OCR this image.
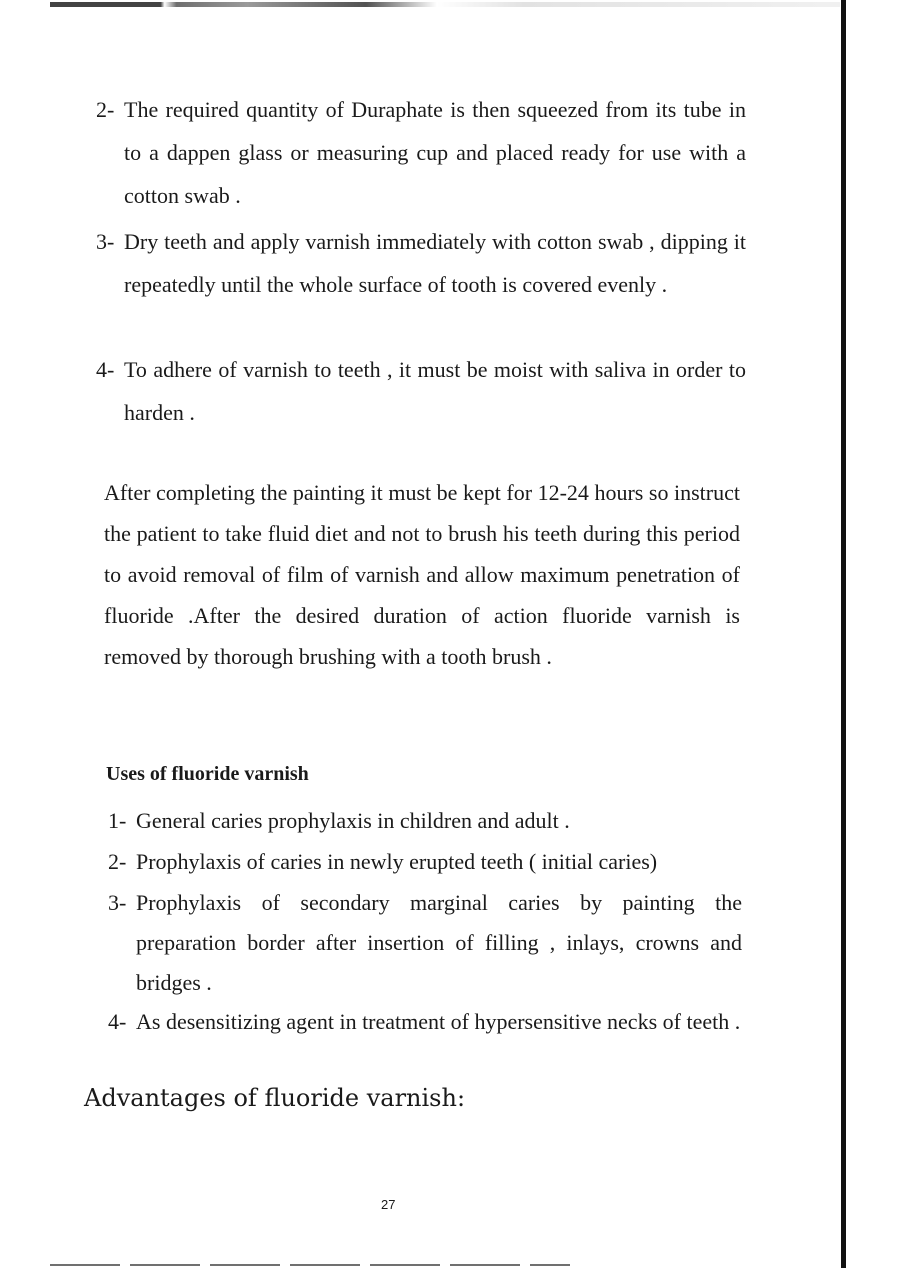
2- The required quantity of Duraphate is then squeezed from its tube in to a dappen glass or measuring cup and placed ready for use with a cotton swab .
3- Dry teeth and apply varnish immediately with cotton swab , dipping it repeatedly until the whole surface of tooth is covered evenly .
4- To adhere of varnish to teeth , it must be moist with saliva in order to harden .
After completing the painting it must be kept for 12-24 hours so instruct the patient to take fluid diet and not to brush his teeth during this period to avoid removal of film of varnish and allow maximum penetration of fluoride .After the desired duration of action fluoride varnish is removed by thorough brushing with a tooth brush .
Uses of fluoride varnish
1- General caries prophylaxis in children and adult .
2- Prophylaxis of caries in newly erupted teeth ( initial caries)
3- Prophylaxis of secondary marginal caries by painting the preparation border after insertion of filling , inlays, crowns and bridges .
4- As desensitizing agent in treatment of hypersensitive necks of teeth .
Advantages of fluoride varnish:
27
